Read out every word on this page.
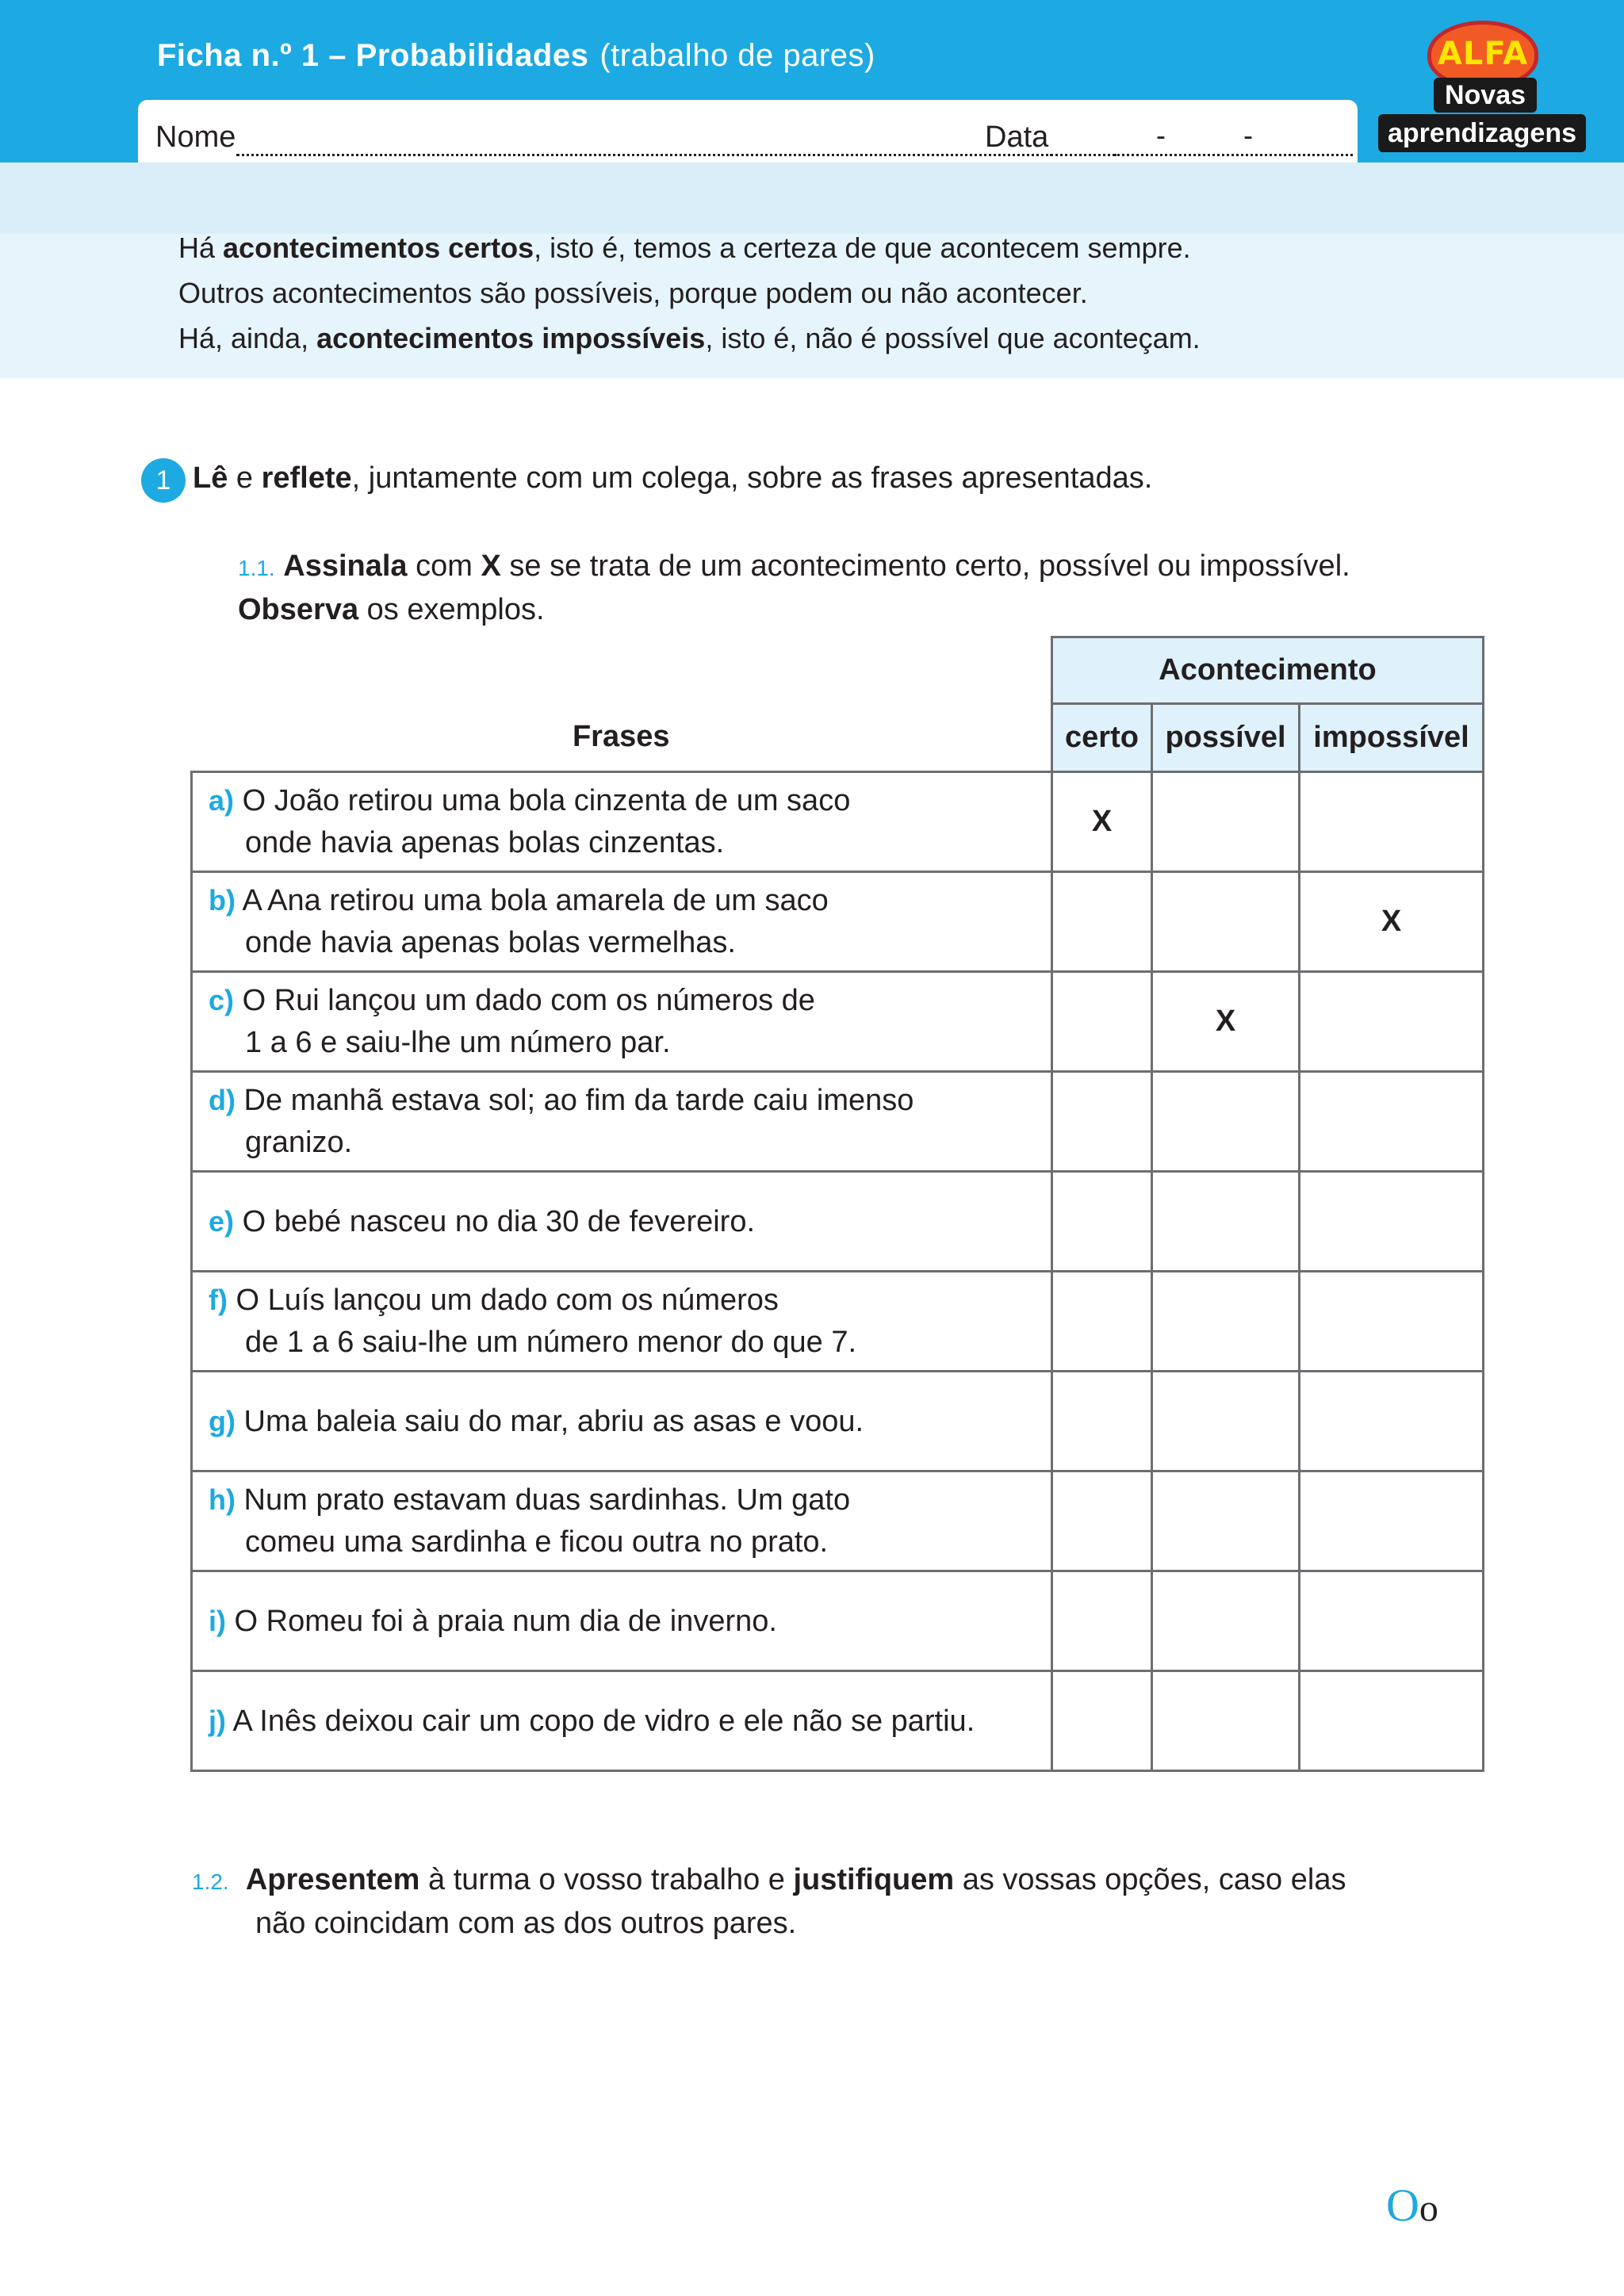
Ficha n.º 1 – Probabilidades (trabalho de pares)
Nome	Data	-	-
ALFA
Novas
aprendizagens
Há acontecimentos certos, isto é, temos a certeza de que acontecem sempre.
Outros acontecimentos são possíveis, porque podem ou não acontecer.
Há, ainda, acontecimentos impossíveis, isto é, não é possível que aconteçam.
1 Lê e reflete, juntamente com um colega, sobre as frases apresentadas.
1.1. Assinala com X se se trata de um acontecimento certo, possível ou impossível.
Observa os exemplos.
	Acontecimento		
Frases	certo	possível	impossível
a) O João retirou uma bola cinzenta de um saco
onde havia apenas bolas cinzentas.	X		
b) A Ana retirou uma bola amarela de um saco
onde havia apenas bolas vermelhas.			X
c) O Rui lançou um dado com os números de
1 a 6 e saiu-lhe um número par.		X	
d) De manhã estava sol; ao fim da tarde caiu imenso
granizo.			
e) O bebé nasceu no dia 30 de fevereiro.			
f) O Luís lançou um dado com os números
de 1 a 6 saiu-lhe um número menor do que 7.			
g) Uma baleia saiu do mar, abriu as asas e voou.			
h) Num prato estavam duas sardinhas. Um gato
comeu uma sardinha e ficou outra no prato.			
i) O Romeu foi à praia num dia de inverno.			
j) A Inês deixou cair um copo de vidro e ele não se partiu.			
1.2. Apresentem à turma o vosso trabalho e justifiquem as vossas opções, caso elas
não coincidam com as dos outros pares.
Oo
